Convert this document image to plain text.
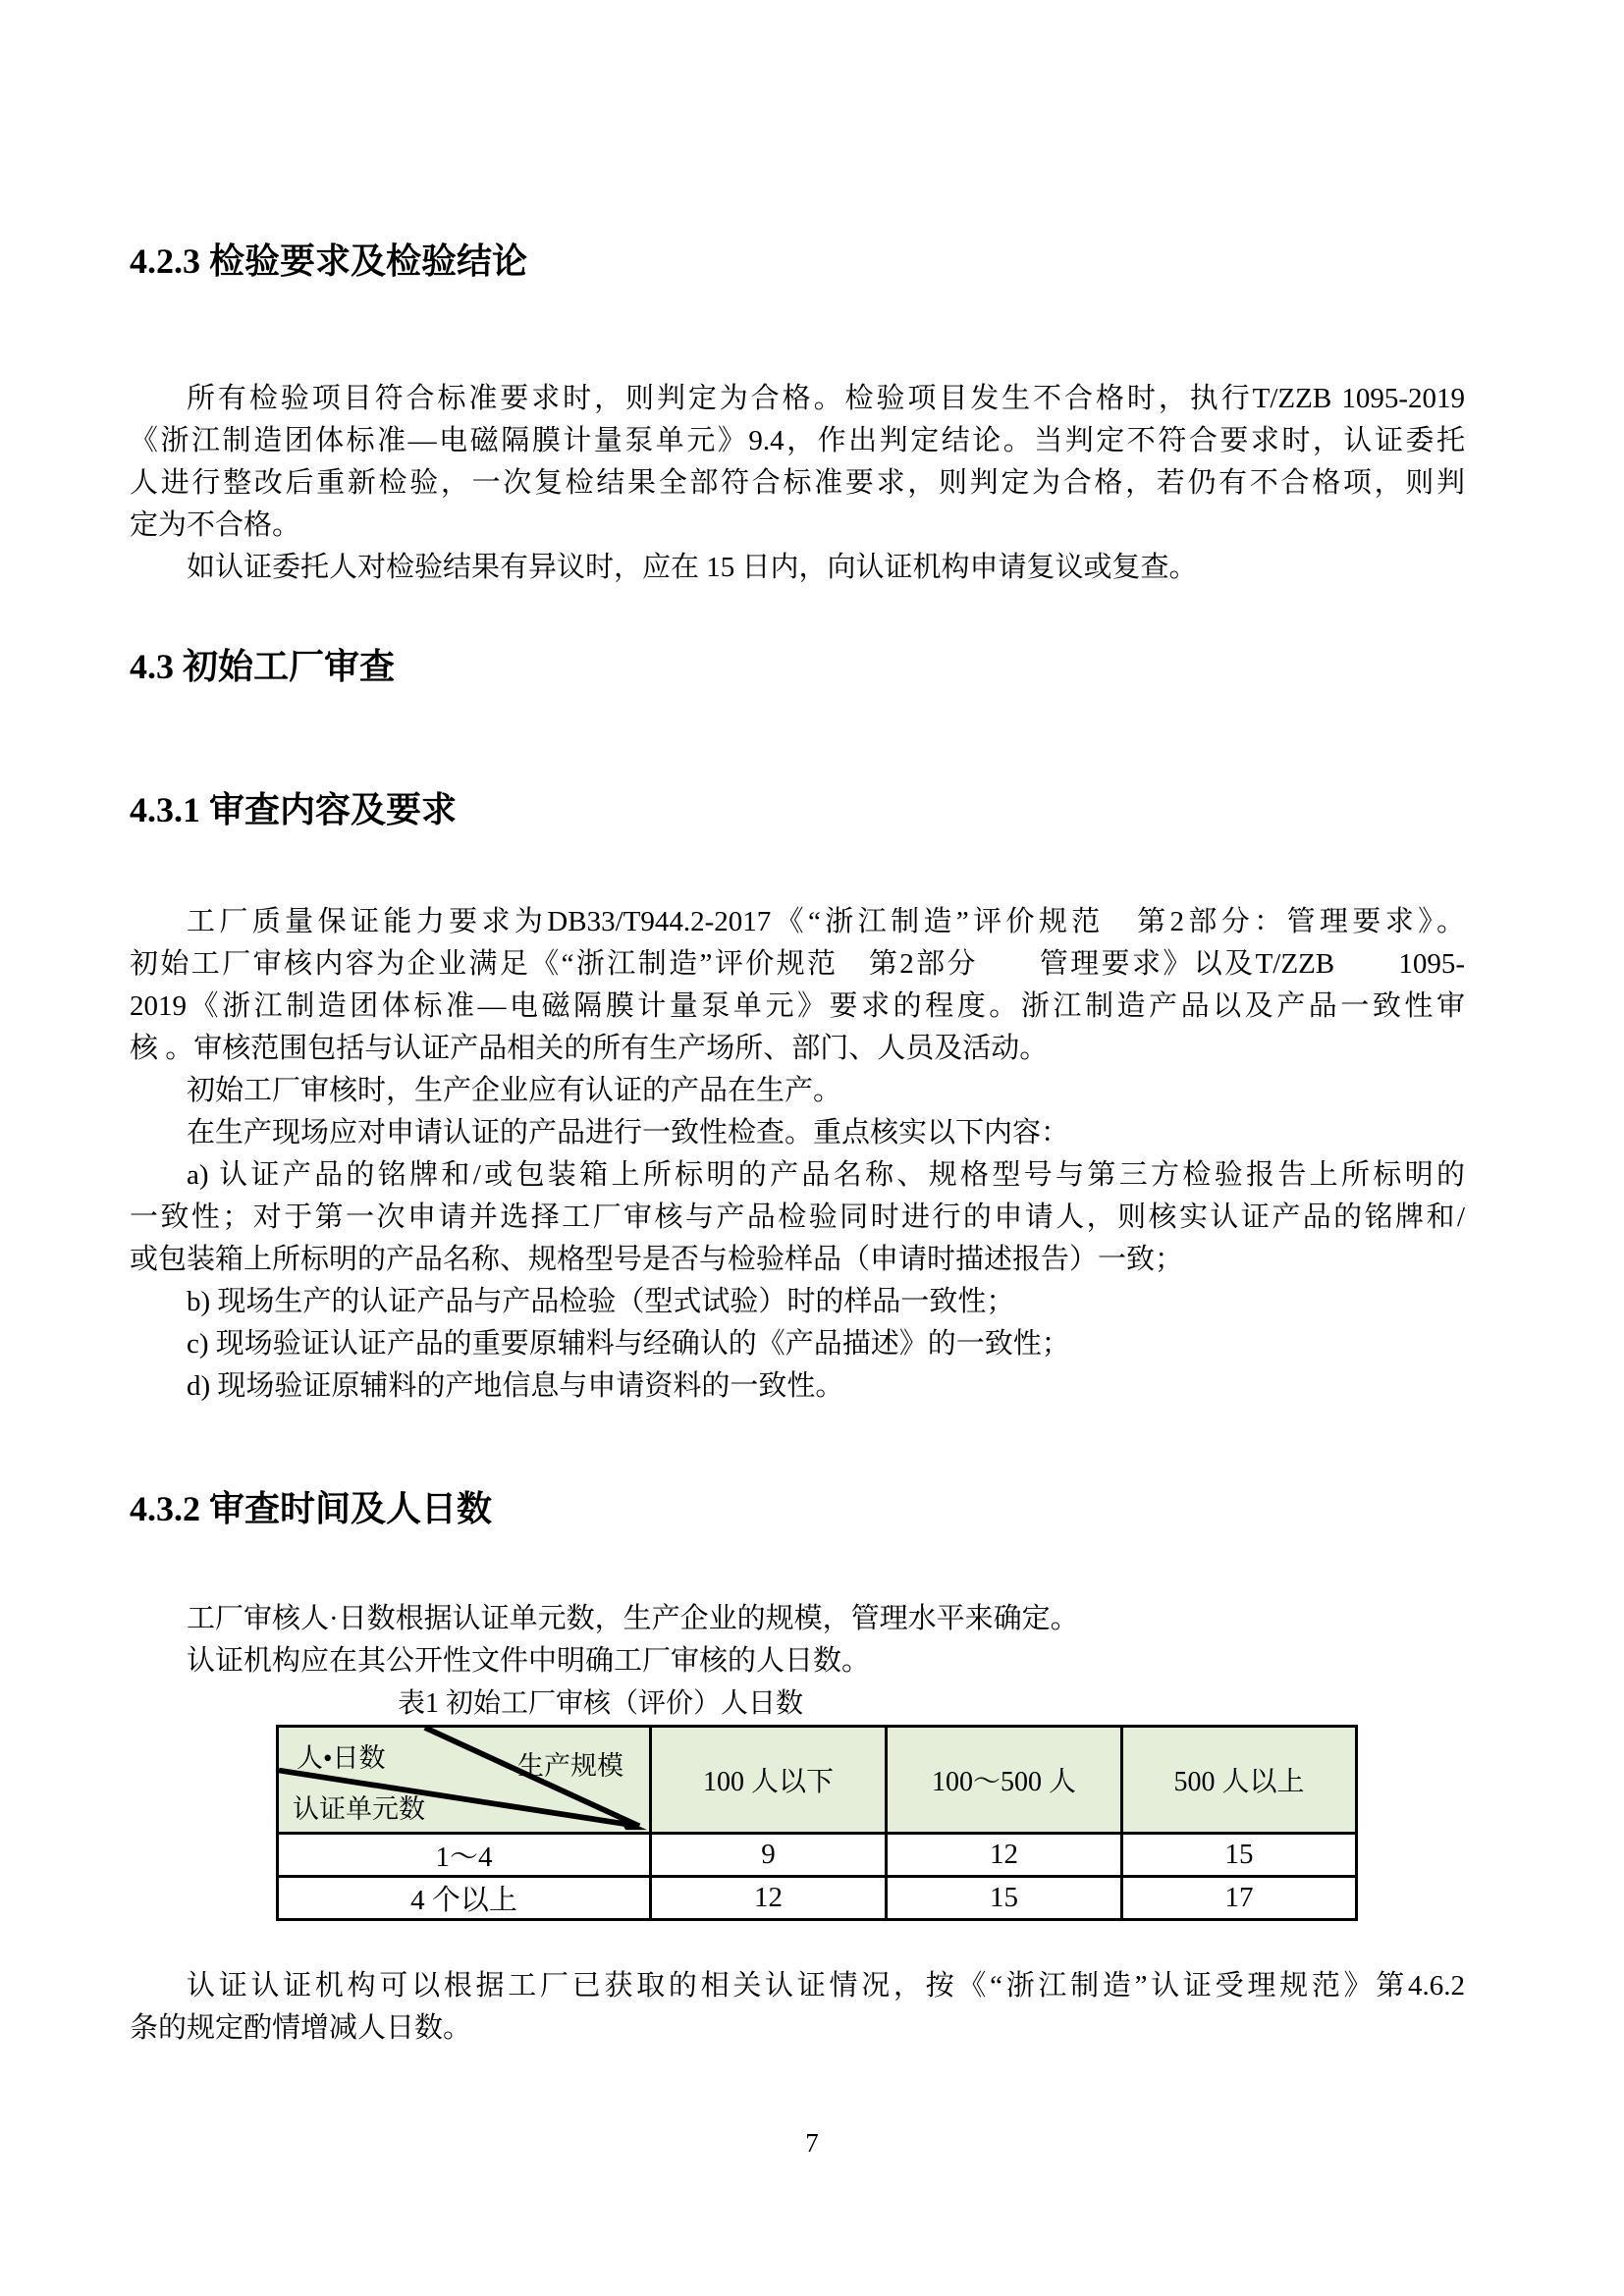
4.2.3 检验要求及检验结论
所有检验项目符合标准要求时，则判定为合格。检验项目发生不合格时，执行T/ZZB 1095-2019
《浙江制造团体标准—电磁隔膜计量泵单元》9.4，作出判定结论。当判定不符合要求时，认证委托
人进行整改后重新检验，一次复检结果全部符合标准要求，则判定为合格，若仍有不合格项，则判
定为不合格。
如认证委托人对检验结果有异议时，应在 15 日内，向认证机构申请复议或复查。
4.3 初始工厂审查
4.3.1 审查内容及要求
工厂质量保证能力要求为DB33/T944.2-2017《“浙江制造”评价规范　第2部分：管理要求》。
初始工厂审核内容为企业满足《“浙江制造”评价规范　第2部分　　管理要求》以及T/ZZB　　1095-
2019《浙江制造团体标准—电磁隔膜计量泵单元》要求的程度。浙江制造产品以及产品一致性审
核 。审核范围包括与认证产品相关的所有生产场所、部门、人员及活动。
初始工厂审核时，生产企业应有认证的产品在生产。
在生产现场应对申请认证的产品进行一致性检查。重点核实以下内容：
a) 认证产品的铭牌和/或包装箱上所标明的产品名称、规格型号与第三方检验报告上所标明的
一致性；对于第一次申请并选择工厂审核与产品检验同时进行的申请人，则核实认证产品的铭牌和/
或包装箱上所标明的产品名称、规格型号是否与检验样品（申请时描述报告）一致；
b) 现场生产的认证产品与产品检验（型式试验）时的样品一致性；
c) 现场验证认证产品的重要原辅料与经确认的《产品描述》的一致性；
d) 现场验证原辅料的产地信息与申请资料的一致性。
4.3.2 审查时间及人日数
工厂审核人·日数根据认证单元数，生产企业的规模，管理水平来确定。
认证机构应在其公开性文件中明确工厂审核的人日数。
表1 初始工厂审核（评价）人日数
人•日数 生产规模
认证单元数	100 人以下	100～500 人	500 人以上
1～4	9	12	15
4 个以上	12	15	17
认证认证机构可以根据工厂已获取的相关认证情况，按《“浙江制造”认证受理规范》第4.6.2
条的规定酌情增减人日数。
7
